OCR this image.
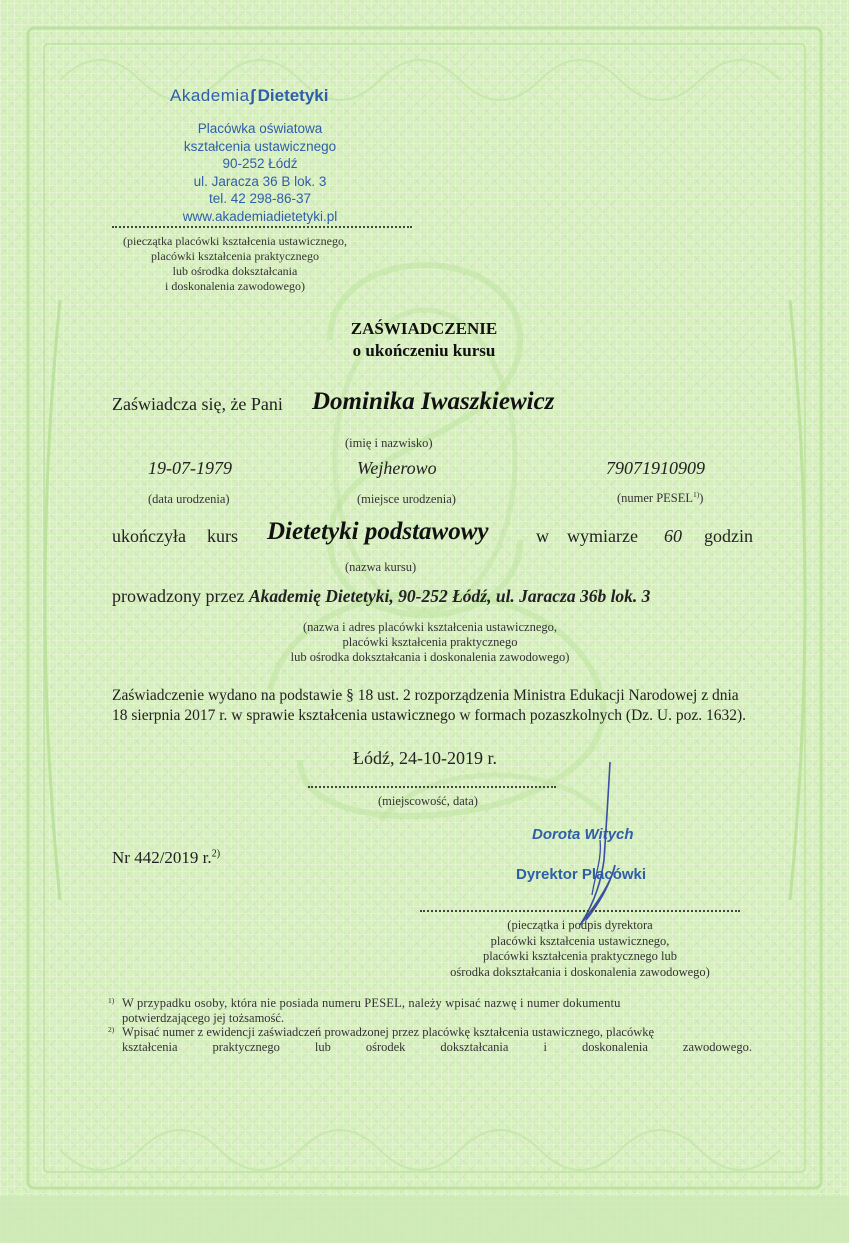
Akademiaʃ Dietetyki
Placówka oświatowa
kształcenia ustawicznego
90-252 Łódź
ul. Jaracza 36 B lok. 3
tel. 42 298-86-37
www.akademiadietetyki.pl
(pieczątka placówki kształcenia ustawicznego,
placówki kształcenia praktycznego
lub ośrodka dokształcania
i doskonalenia zawodowego)
ZAŚWIADCZENIE
o ukończeniu kursu
Zaświadcza się, że Pani Dominika Iwaszkiewicz
(imię i nazwisko)
19-07-1979	Wejherowo	79071910909
(data urodzenia)	(miejsce urodzenia)	(numer PESEL$^{1)}$)
ukończyła kurs Dietetyki podstawowy	w wymiarze 60 godzin
(nazwa kursu)
prowadzony przez Akademię Dietetyki, 90-252 Łódź, ul. Jaracza 36b lok. 3
(nazwa i adres placówki kształcenia ustawicznego,
placówki kształcenia praktycznego
lub ośrodka dokształcania i doskonalenia zawodowego)
Zaświadczenie wydano na podstawie § 18 ust. 2 rozporządzenia Ministra Edukacji Narodowej z dnia
18 sierpnia 2017 r. w sprawie kształcenia ustawicznego w formach pozaszkolnych (Dz. U. poz. 1632).
Łódź, 24-10-2019 r.
(miejscowość, data)
Nr 442/2019 r.$^{2)}$
Dorota Witych
Dyrektor Placówki
(pieczątka i podpis dyrektora
placówki kształcenia ustawicznego,
placówki kształcenia praktycznego lub
ośrodka dokształcania i doskonalenia zawodowego)
1) W przypadku osoby, która nie posiada numeru PESEL, należy wpisać nazwę i numer dokumentu
potwierdzającego jej tożsamość.
2) Wpisać numer z ewidencji zaświadczeń prowadzonej przez placówkę kształcenia ustawicznego, placówkę
kształcenia	praktycznego	lub	ośrodek	dokształcania	i	doskonalenia	zawodowego.
